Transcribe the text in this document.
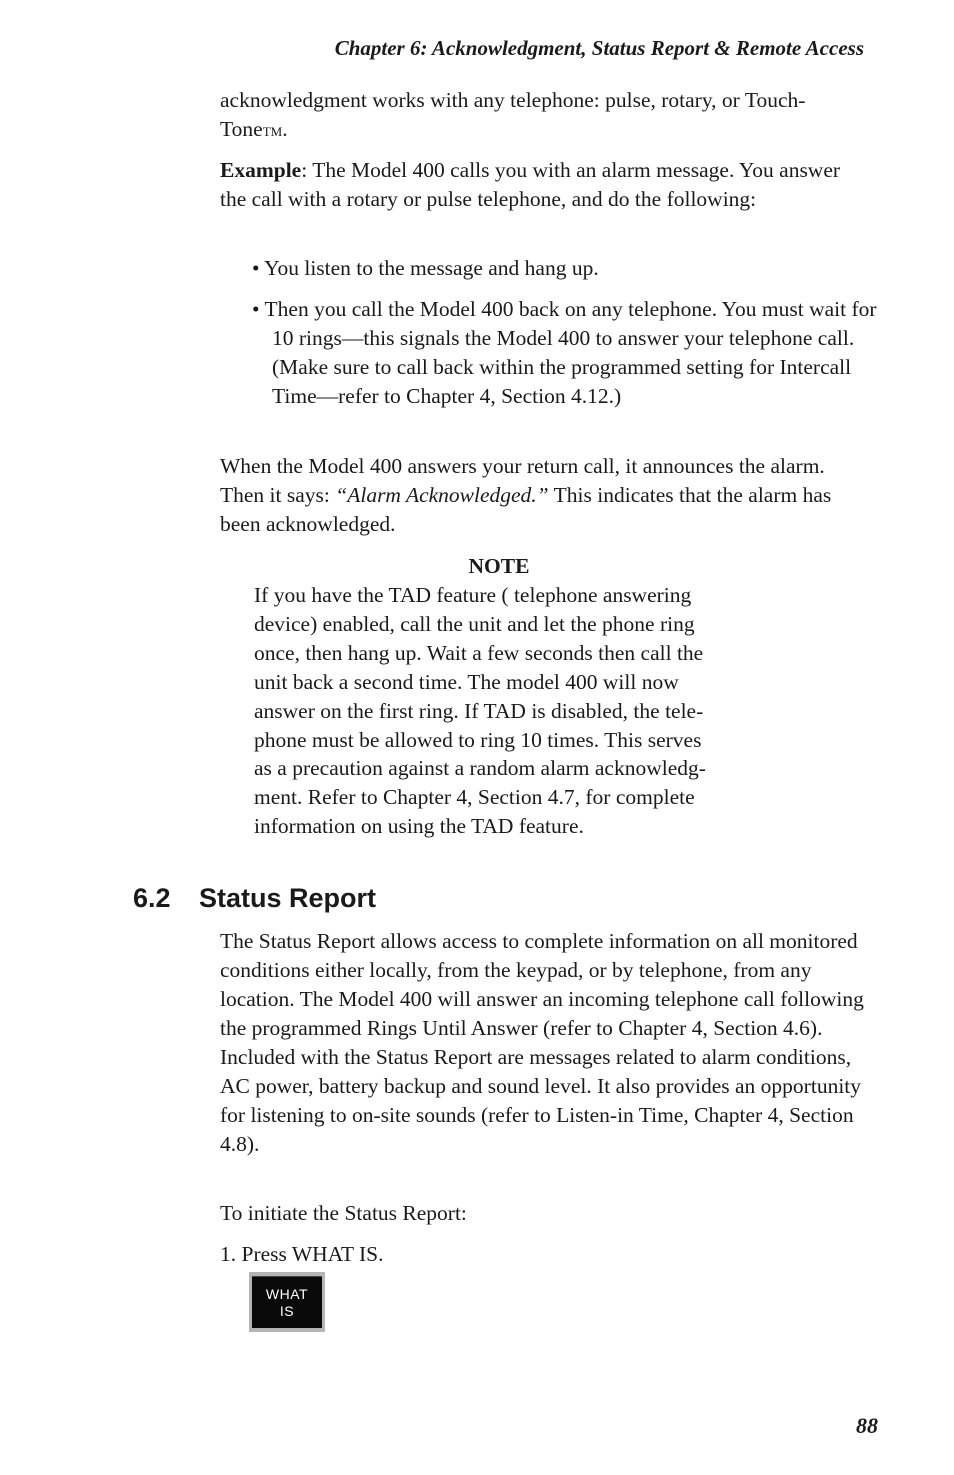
Chapter 6: Acknowledgment, Status Report & Remote Access

acknowledgment works with any telephone: pulse, rotary, or Touch-ToneTM.

Example: The Model 400 calls you with an alarm message. You answer the call with a rotary or pulse telephone, and do the following:

• You listen to the message and hang up.

• Then you call the Model 400 back on any telephone. You must wait for 10 rings—this signals the Model 400 to answer your telephone call. (Make sure to call back within the programmed setting for Intercall Time—refer to Chapter 4, Section 4.12.)

When the Model 400 answers your return call, it announces the alarm. Then it says: “Alarm Acknowledged.” This indicates that the alarm has been acknowledged.

NOTE

If you have the TAD feature ( telephone answering
device) enabled, call the unit and let the phone ring
once, then hang up. Wait a few seconds then call the
unit back a second time. The model 400 will now
answer on the first ring. If TAD is disabled, the tele-
phone must be allowed to ring 10 times. This serves
as a precaution against a random alarm acknowledg-
ment. Refer to Chapter 4, Section 4.7, for complete
information on using the TAD feature.

6.2 Status Report

The Status Report allows access to complete information on all monitored conditions either locally, from the keypad, or by telephone, from any location. The Model 400 will answer an incoming telephone call following the programmed Rings Until Answer (refer to Chapter 4, Section 4.6). Included with the Status Report are messages related to alarm conditions, AC power, battery backup and sound level. It also provides an opportunity for listening to on-site sounds (refer to Listen-in Time, Chapter 4, Section 4.8).

To initiate the Status Report:

1. Press WHAT IS.

WHAT
IS

88
